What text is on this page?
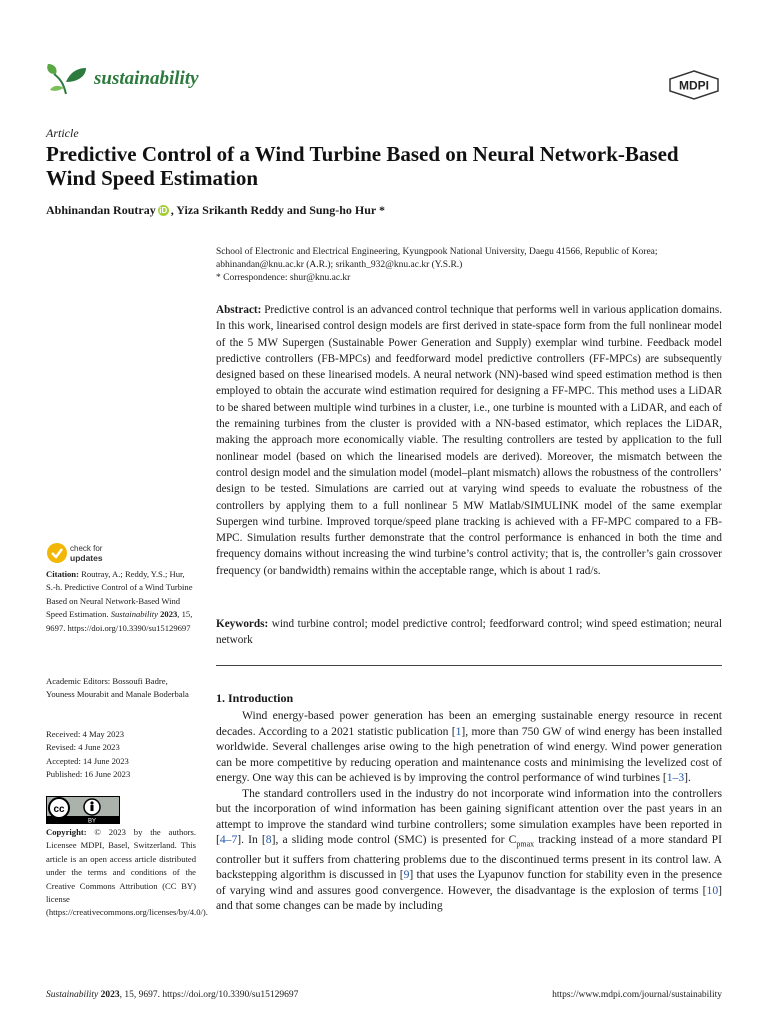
sustainability	MDPI
Article
Predictive Control of a Wind Turbine Based on Neural Network-Based Wind Speed Estimation
Abhinandan Routray iD , Yiza Srikanth Reddy and Sung-ho Hur *
School of Electronic and Electrical Engineering, Kyungpook National University, Daegu 41566, Republic of Korea;
abhinandan@knu.ac.kr (A.R.); srikanth_932@knu.ac.kr (Y.S.R.)
* Correspondence: shur@knu.ac.kr
Abstract: Predictive control is an advanced control technique that performs well in various application domains. In this work, linearised control design models are first derived in state-space form from the full nonlinear model of the 5 MW Supergen (Sustainable Power Generation and Supply) exemplar wind turbine. Feedback model predictive controllers (FB-MPCs) and feedforward model predictive controllers (FF-MPCs) are subsequently designed based on these linearised models. A neural network (NN)-based wind speed estimation method is then employed to obtain the accurate wind estimation required for designing a FF-MPC. This method uses a LiDAR to be shared between multiple wind turbines in a cluster, i.e., one turbine is mounted with a LiDAR, and each of the remaining turbines from the cluster is provided with a NN-based estimator, which replaces the LiDAR, making the approach more economically viable. The resulting controllers are tested by application to the full nonlinear model (based on which the linearised models are derived). Moreover, the mismatch between the control design model and the simulation model (model–plant mismatch) allows the robustness of the controllers’ design to be tested. Simulations are carried out at varying wind speeds to evaluate the robustness of the controllers by applying them to a full nonlinear 5 MW Matlab/SIMULINK model of the same exemplar Supergen wind turbine. Improved torque/speed plane tracking is achieved with a FF-MPC compared to a FB-MPC. Simulation results further demonstrate that the control performance is enhanced in both the time and frequency domains without increasing the wind turbine’s control activity; that is, the controller’s gain crossover frequency (or bandwidth) remains within the acceptable range, which is about 1 rad/s.
Keywords: wind turbine control; model predictive control; feedforward control; wind speed estimation; neural network
1. Introduction

Wind energy-based power generation has been an emerging sustainable energy resource in recent decades. According to a 2021 statistic publication [1], more than 750 GW of wind energy has been installed worldwide. Several challenges arise owing to the high penetration of wind energy. Wind power generation can be more competitive by reducing operation and maintenance costs and minimising the levelized cost of energy. One way this can be achieved is by improving the control performance of wind turbines [1–3].

The standard controllers used in the industry do not incorporate wind information into the controllers but the incorporation of wind information has been gaining significant attention over the past years in an attempt to improve the standard wind turbine controllers; some simulation examples have been reported in [4–7]. In [8], a sliding mode control (SMC) is presented for $C_{pmax}$ tracking instead of a more standard PI controller but it suffers from chattering problems due to the discontinued terms present in its control law. A backstepping algorithm is discussed in [9] that uses the Lyapunov function for stability even in the presence of varying wind and assures good convergence. However, the disadvantage is the explosion of terms [10] and that some changes can be made by including

check for
updates
Citation: Routray, A.; Reddy, Y.S.; Hur, S.-h. Predictive Control of a Wind Turbine Based on Neural Network-Based Wind Speed Estimation. Sustainability 2023, 15, 9697. https://doi.org/10.3390/su15129697
Academic Editors: Bossoufi Badre, Youness Mourabit and Manale Boderbala
Received: 4 May 2023
Revised: 4 June 2023
Accepted: 14 June 2023
Published: 16 June 2023
cc
BY
Copyright: © 2023 by the authors. Licensee MDPI, Basel, Switzerland. This article is an open access article distributed under the terms and conditions of the Creative Commons Attribution (CC BY) license (https://creativecommons.org/licenses/by/4.0/).
Sustainability 2023, 15, 9697. https://doi.org/10.3390/su15129697	https://www.mdpi.com/journal/sustainability
